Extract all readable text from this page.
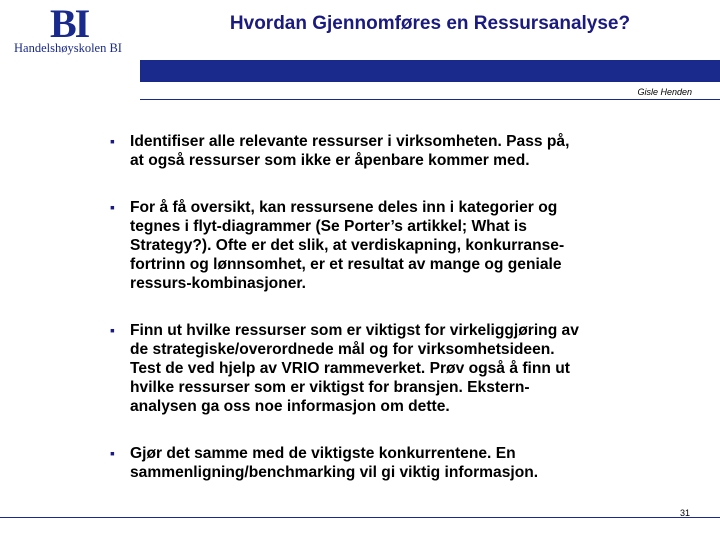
BI
Handelshøyskolen BI
Hvordan Gjennomføres en Ressursanalyse?
Gisle Henden
▪ Identifiser alle relevante ressurser i virksomheten. Pass på,
at også ressurser som ikke er åpenbare kommer med.
▪ For å få oversikt, kan ressursene deles inn i kategorier og
tegnes i flyt-diagrammer (Se Porter’s artikkel; What is
Strategy?). Ofte er det slik, at verdiskapning, konkurranse-
fortrinn og lønnsomhet, er et resultat av mange og geniale
ressurs-kombinasjoner.
▪ Finn ut hvilke ressurser som er viktigst for virkeliggjøring av
de strategiske/overordnede mål og for virksomhetsideen.
Test de ved hjelp av VRIO rammeverket. Prøv også å finn ut
hvilke ressurser som er viktigst for bransjen. Ekstern-
analysen ga oss noe informasjon om dette.
▪ Gjør det samme med de viktigste konkurrentene. En
sammenligning/benchmarking vil gi viktig informasjon.
31
